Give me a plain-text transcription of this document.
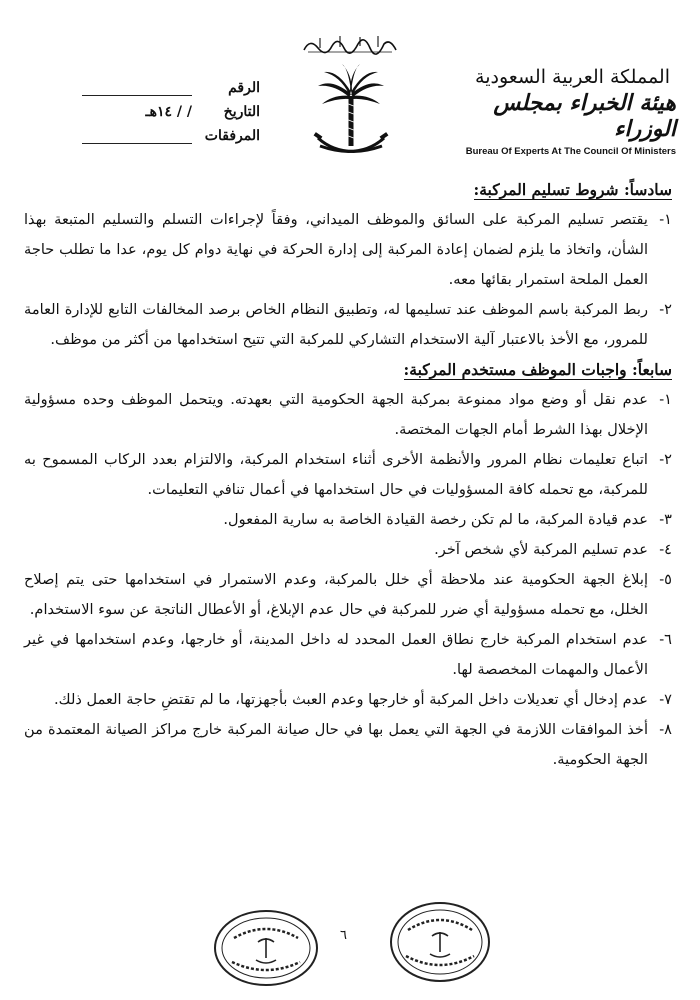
المملكة العربية السعودية
هيئة الخبراء بمجلس الوزراء
Bureau Of Experts At The Council Of Ministers
الرقم
التاريخ
/ / ١٤هـ
المرفقات
سادساً: شروط تسليم المركبة:
١-
يقتصر تسليم المركبة على السائق والموظف الميداني، وفقاً لإجراءات التسلم والتسليم المتبعة بهذا الشأن، واتخاذ ما يلزم لضمان إعادة المركبة إلى إدارة الحركة في نهاية دوام كل يوم، عدا ما تطلب حاجة العمل الملحة استمرار بقائها معه.
٢-
ربط المركبة باسم الموظف عند تسليمها له، وتطبيق النظام الخاص برصد المخالفات التابع للإدارة العامة للمرور، مع الأخذ بالاعتبار آلية الاستخدام التشاركي للمركبة التي تتيح استخدامها من أكثر من موظف.
سابعاً: واجبات الموظف مستخدم المركبة:
١-
عدم نقل أو وضع مواد ممنوعة بمركبة الجهة الحكومية التي بعهدته. ويتحمل الموظف وحده مسؤولية الإخلال بهذا الشرط أمام الجهات المختصة.
٢-
اتباع تعليمات نظام المرور والأنظمة الأخرى أثناء استخدام المركبة، والالتزام بعدد الركاب المسموح به للمركبة، مع تحمله كافة المسؤوليات في حال استخدامها في أعمال تنافي التعليمات.
٣-
عدم قيادة المركبة، ما لم تكن رخصة القيادة الخاصة به سارية المفعول.
٤-
عدم تسليم المركبة لأي شخص آخر.
٥-
إبلاغ الجهة الحكومية عند ملاحظة أي خلل بالمركبة، وعدم الاستمرار في استخدامها حتى يتم إصلاح الخلل، مع تحمله مسؤولية أي ضرر للمركبة في حال عدم الإبلاغ، أو الأعطال الناتجة عن سوء الاستخدام.
٦-
عدم استخدام المركبة خارج نطاق العمل المحدد له داخل المدينة، أو خارجها، وعدم استخدامها في غير الأعمال والمهمات المخصصة لها.
٧-
عدم إدخال أي تعديلات داخل المركبة أو خارجها وعدم العبث بأجهزتها، ما لم تقتضِ حاجة العمل ذلك.
٨-
أخذ الموافقات اللازمة في الجهة التي يعمل بها في حال صيانة المركبة خارج مراكز الصيانة المعتمدة من الجهة الحكومية.
٦
